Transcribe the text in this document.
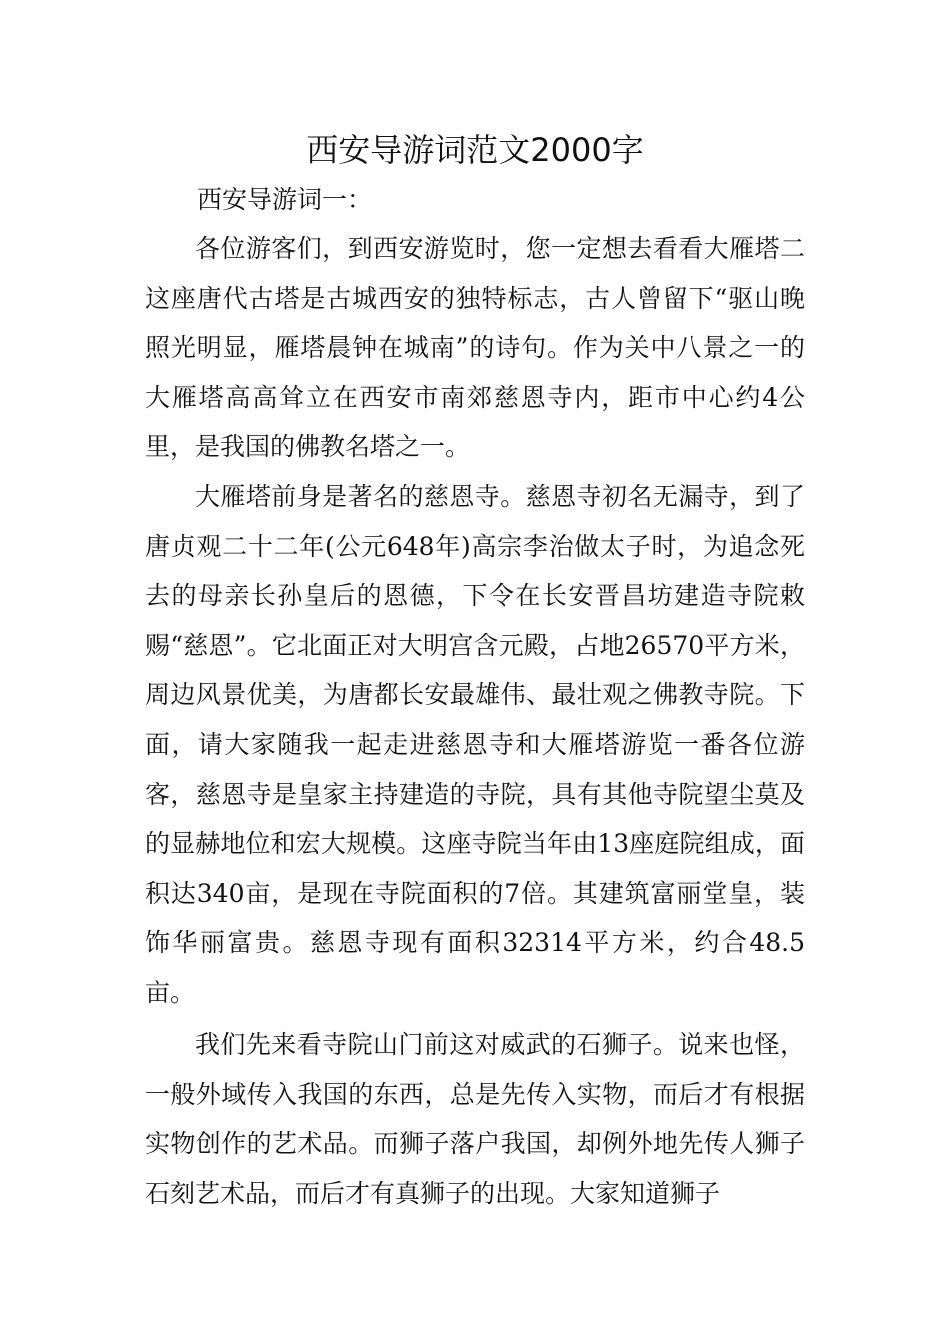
西安导游词范文2000字
西安导游词一：
各位游客们，到西安游览时，您一定想去看看大雁塔二这座唐代古塔是古城西安的独特标志，古人曾留下“驱山晚照光明显，雁塔晨钟在城南”的诗句。作为关中八景之一的大雁塔高高耸立在西安市南郊慈恩寺内，距市中心约4公里，是我国的佛教名塔之一。
大雁塔前身是著名的慈恩寺。慈恩寺初名无漏寺，到了唐贞观二十二年(公元648年)高宗李治做太子时，为追念死去的母亲长孙皇后的恩德，下令在长安晋昌坊建造寺院敕赐“慈恩”。它北面正对大明宫含元殿，占地26570平方米，周边风景优美，为唐都长安最雄伟、最壮观之佛教寺院。下面，请大家随我一起走进慈恩寺和大雁塔游览一番各位游客，慈恩寺是皇家主持建造的寺院，具有其他寺院望尘莫及的显赫地位和宏大规模。这座寺院当年由13座庭院组成，面积达340亩，是现在寺院面积的7倍。其建筑富丽堂皇，装饰华丽富贵。慈恩寺现有面积32314平方米，约合48.5亩。
我们先来看寺院山门前这对威武的石狮子。说来也怪，一般外域传入我国的东西，总是先传入实物，而后才有根据实物创作的艺术品。而狮子落户我国，却例外地先传人狮子石刻艺术品，而后才有真狮子的出现。大家知道狮子
